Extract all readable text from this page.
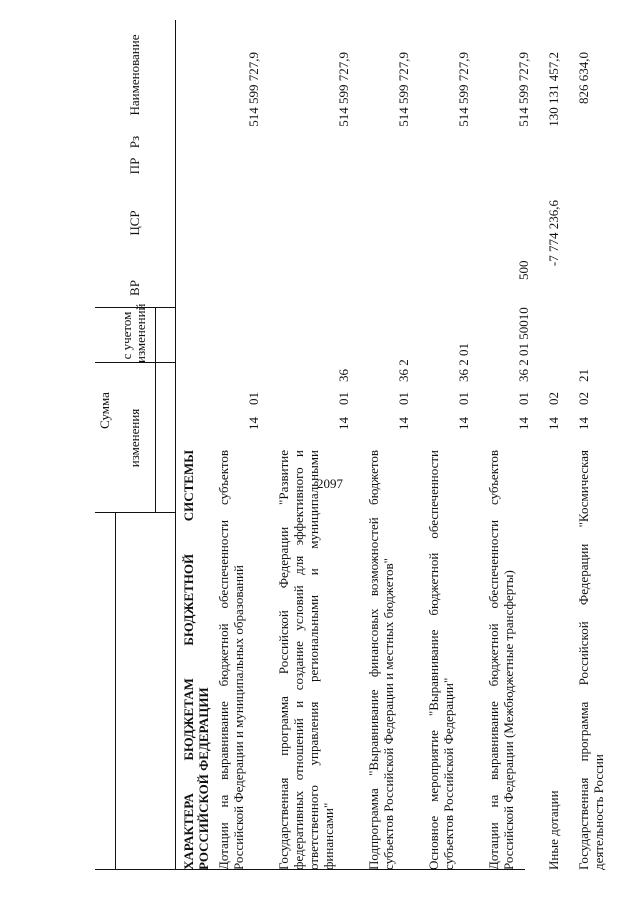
2097
Сумма	изменения
с учетом изменений
ВР
ЦСР
ПР
Рз
Наименование
ХАРАКТЕРА БЮДЖЕТАМ БЮДЖЕТНОЙ СИСТЕМЫ РОССИЙСКОЙ ФЕДЕРАЦИИ Дотации на выравнивание бюджетной обеспеченности субъектов Российской Федерации и муниципальных образований
14
01
514 599 727,9
Государственная программа Российской Федерации "Развитие федеративных отношений и создание условий для эффективного и ответственного управления региональными и муниципальными финансами"
14
01
36
514 599 727,9
Подпрограмма "Выравнивание финансовых возможностей бюджетов субъектов Российской Федерации и местных бюджетов"
14
01
36 2
514 599 727,9
Основное мероприятие "Выравнивание бюджетной обеспеченности субъектов Российской Федерации"
14
01
36 2 01
514 599 727,9
Дотации на выравнивание бюджетной обеспеченности субъектов Российской Федерации (Межбюджетные трансферты)
14
01
36 2 01 50010
500
514 599 727,9
Иные дотации
14
02
-7 774 236,6
130 131 457,2
Государственная программа Российской Федерации "Космическая деятельность России
14
02
21
826 634,0
